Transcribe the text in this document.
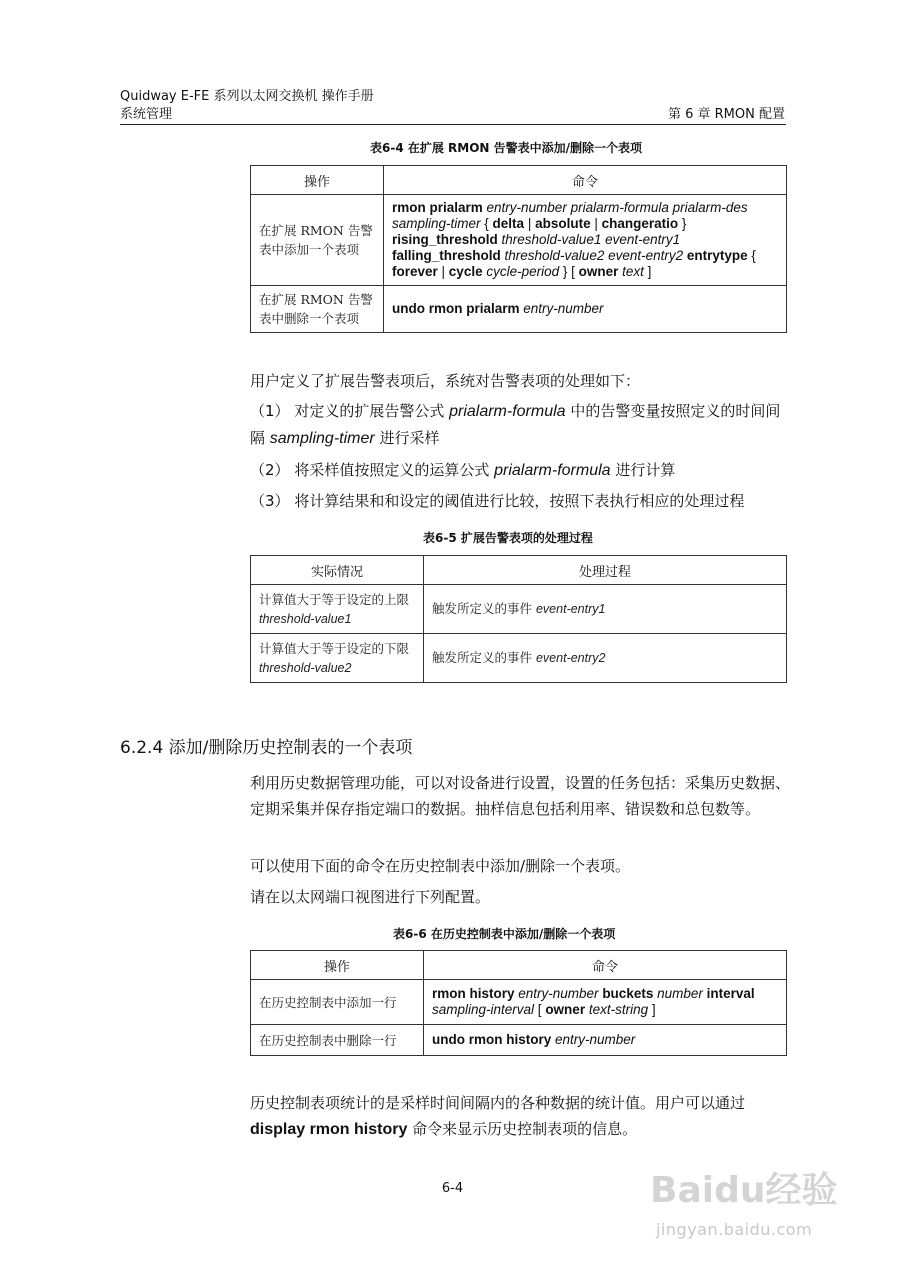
Quidway E-FE 系列以太网交换机 操作手册
系统管理	第 6 章 RMON 配置
表6-4 在扩展 RMON 告警表中添加/删除一个表项
操作	命令
在扩展 RMON 告警表中添加一个表项	rmon prialarm entry-number prialarm-formula prialarm-des sampling-timer { delta | absolute | changeratio } rising_threshold threshold-value1 event-entry1 falling_threshold threshold-value2 event-entry2 entrytype { forever | cycle cycle-period } [ owner text ]
在扩展 RMON 告警表中删除一个表项	undo rmon prialarm entry-number
用户定义了扩展告警表项后，系统对告警表项的处理如下：
（1） 对定义的扩展告警公式 prialarm-formula 中的告警变量按照定义的时间间隔 sampling-timer 进行采样
（2） 将采样值按照定义的运算公式 prialarm-formula 进行计算
（3） 将计算结果和和设定的阈值进行比较，按照下表执行相应的处理过程
表6-5 扩展告警表项的处理过程
实际情况	处理过程
计算值大于等于设定的上限 threshold-value1	触发所定义的事件 event-entry1
计算值大于等于设定的下限 threshold-value2	触发所定义的事件 event-entry2
6.2.4 添加/删除历史控制表的一个表项
利用历史数据管理功能，可以对设备进行设置，设置的任务包括：采集历史数据、定期采集并保存指定端口的数据。抽样信息包括利用率、错误数和总包数等。
可以使用下面的命令在历史控制表中添加/删除一个表项。
请在以太网端口视图进行下列配置。
表6-6 在历史控制表中添加/删除一个表项
操作	命令
在历史控制表中添加一行	rmon history entry-number buckets number interval sampling-interval [ owner text-string ]
在历史控制表中删除一行	undo rmon history entry-number
历史控制表项统计的是采样时间间隔内的各种数据的统计值。用户可以通过 display rmon history 命令来显示历史控制表项的信息。
6-4	Baidu经验
jingyan.baidu.com
